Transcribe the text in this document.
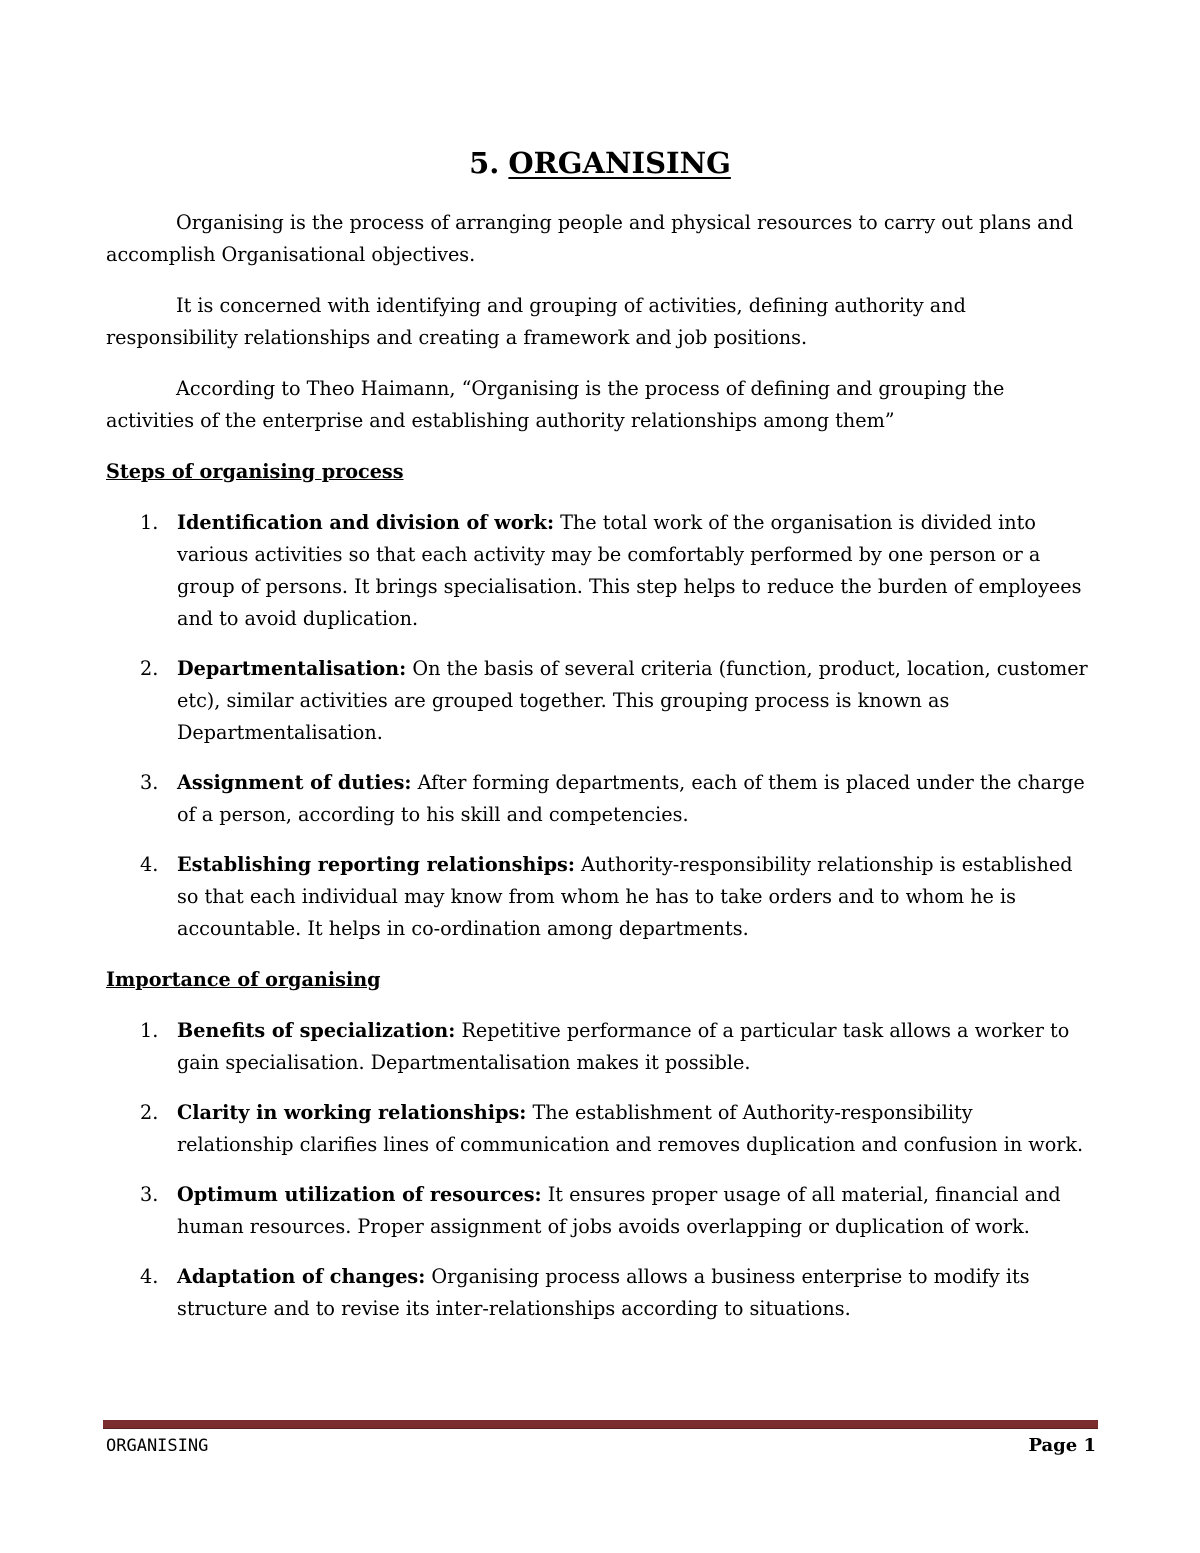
5. ORGANISING

Organising is the process of arranging people and physical resources to carry out plans and accomplish Organisational objectives.

It is concerned with identifying and grouping of activities, defining authority and responsibility relationships and creating a framework and job positions.

According to Theo Haimann, “Organising is the process of defining and grouping the activities of the enterprise and establishing authority relationships among them”

Steps of organising process
1. Identification and division of work: The total work of the organisation is divided into various activities so that each activity may be comfortably performed by one person or a group of persons. It brings specialisation. This step helps to reduce the burden of employees and to avoid duplication.
2. Departmentalisation: On the basis of several criteria (function, product, location, customer etc), similar activities are grouped together. This grouping process is known as Departmentalisation.
3. Assignment of duties: After forming departments, each of them is placed under the charge of a person, according to his skill and competencies.
4. Establishing reporting relationships: Authority-responsibility relationship is established so that each individual may know from whom he has to take orders and to whom he is accountable. It helps in co-ordination among departments.
Importance of organising
1. Benefits of specialization: Repetitive performance of a particular task allows a worker to gain specialisation. Departmentalisation makes it possible.
2. Clarity in working relationships: The establishment of Authority-responsibility relationship clarifies lines of communication and removes duplication and confusion in work.
3. Optimum utilization of resources: It ensures proper usage of all material, financial and human resources. Proper assignment of jobs avoids overlapping or duplication of work.
4. Adaptation of changes: Organising process allows a business enterprise to modify its structure and to revise its inter-relationships according to situations.
ORGANISING	Page 1
